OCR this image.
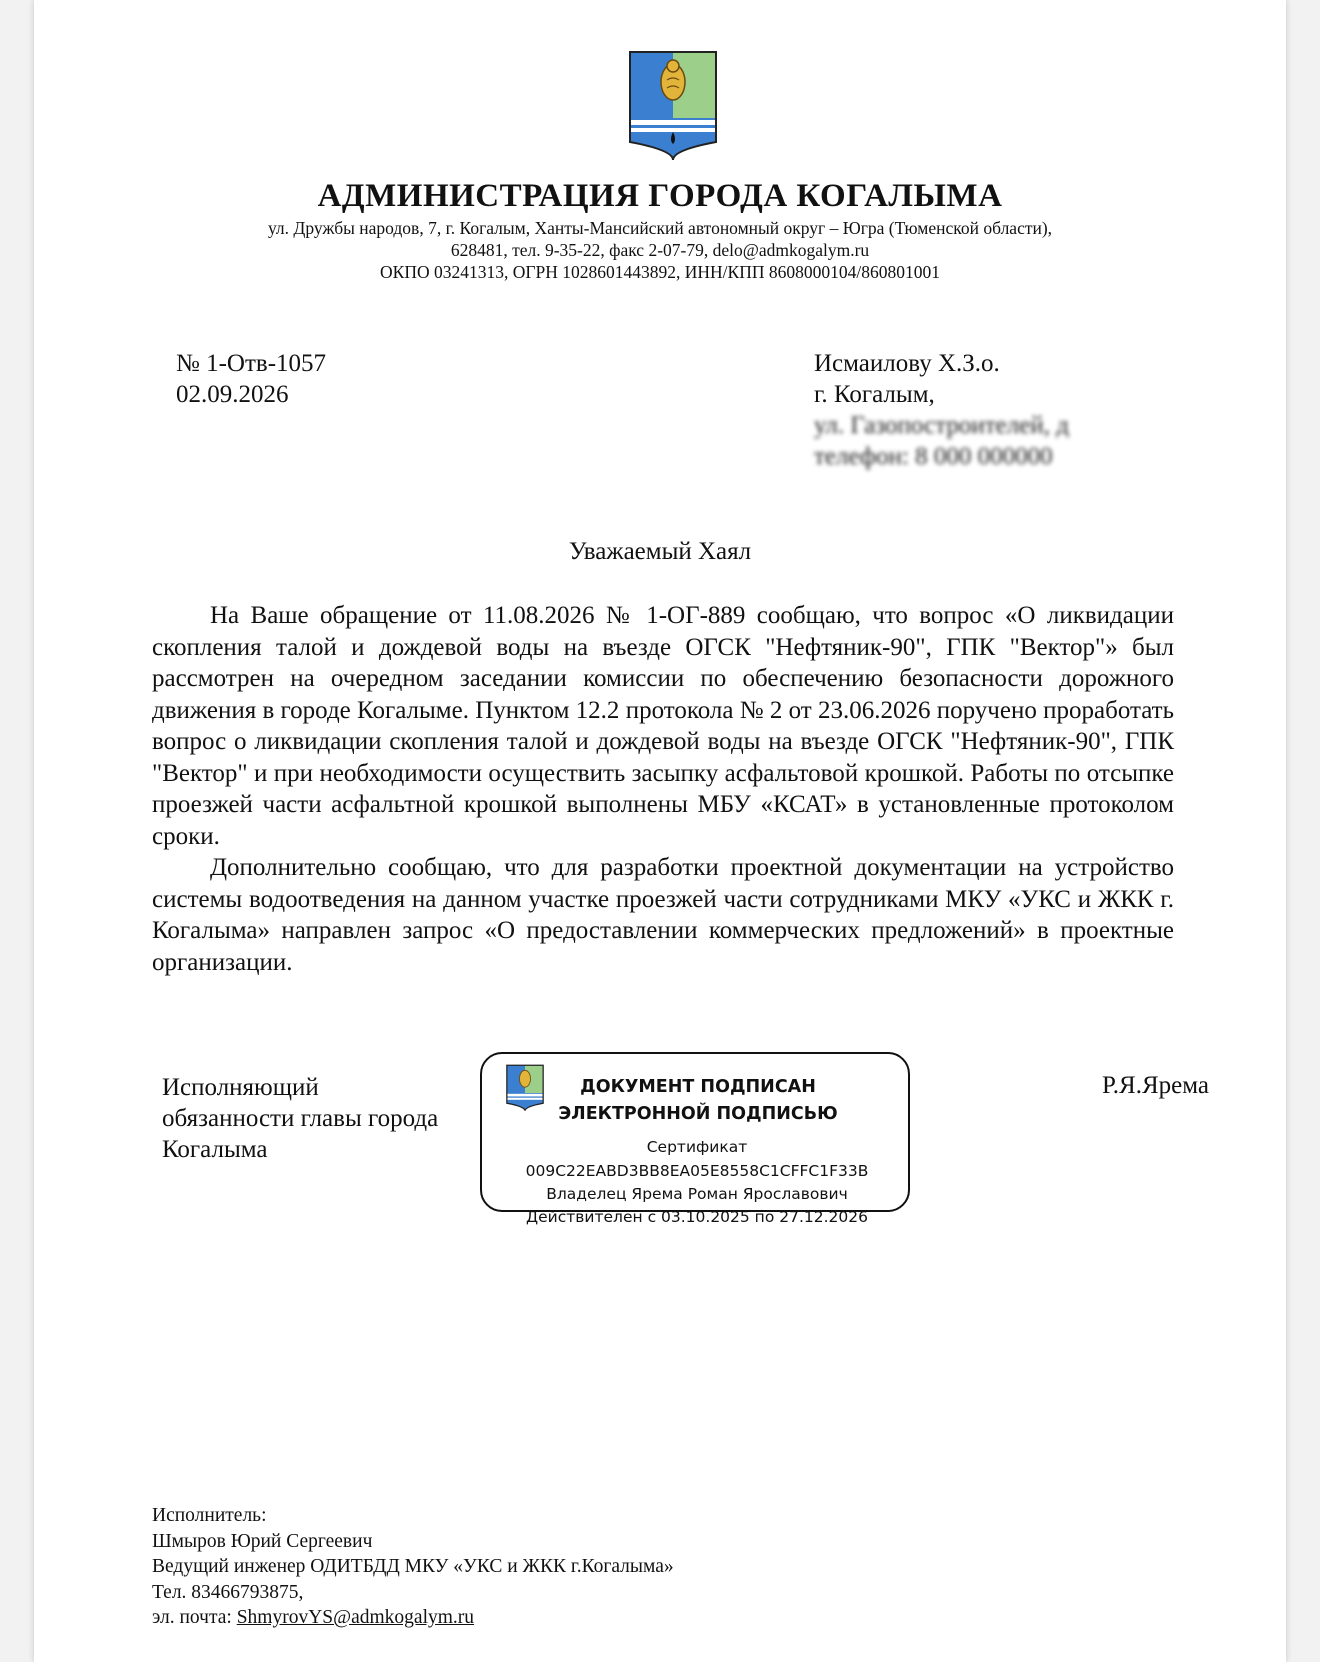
АДМИНИСТРАЦИЯ ГОРОДА КОГАЛЫМА
ул. Дружбы народов, 7, г. Когалым, Ханты-Мансийский автономный округ – Югра (Тюменской области),
628481, тел. 9-35-22, факс 2-07-79, delo@admkogalym.ru
ОКПО 03241313, ОГРН 1028601443892, ИНН/КПП 8608000104/860801001
№ 1-Отв-1057
02.09.2026
Исмаилову Х.З.о.
г. Когалым,
ул. Газопостроителей, д
телефон: 8 000 000000
Уважаемый Хаял

На Ваше обращение от 11.08.2026 № 1-ОГ-889 сообщаю, что вопрос «О ликвидации скопления талой и дождевой воды на въезде ОГСК "Нефтяник-90", ГПК "Вектор"» был рассмотрен на очередном заседании комиссии по обеспечению безопасности дорожного движения в городе Когалыме. Пунктом 12.2 протокола № 2 от 23.06.2026 поручено проработать вопрос о ликвидации скопления талой и дождевой воды на въезде ОГСК "Нефтяник-90", ГПК "Вектор" и при необходимости осуществить засыпку асфальтовой крошкой. Работы по отсыпке проезжей части асфальтной крошкой выполнены МБУ «КСАТ» в установленные протоколом сроки.

Дополнительно сообщаю, что для разработки проектной документации на устройство системы водоотведения на данном участке проезжей части сотрудниками МКУ «УКС и ЖКК г. Когалыма» направлен запрос «О предоставлении коммерческих предложений» в проектные организации.

Исполняющий
обязанности главы города
Когалыма
ДОКУМЕНТ ПОДПИСАН
ЭЛЕКТРОННОЙ ПОДПИСЬЮ
Сертификат
009C22EABD3BB8EA05E8558C1CFFC1F33B
Владелец Ярема Роман Ярославович
Действителен с 03.10.2025 по 27.12.2026
Р.Я.Ярема
Исполнитель:
Шмыров Юрий Сергеевич
Ведущий инженер ОДИТБДД МКУ «УКС и ЖКК г.Когалыма»
Тел. 83466793875,
эл. почта: ShmyrovYS@admkogalym.ru
